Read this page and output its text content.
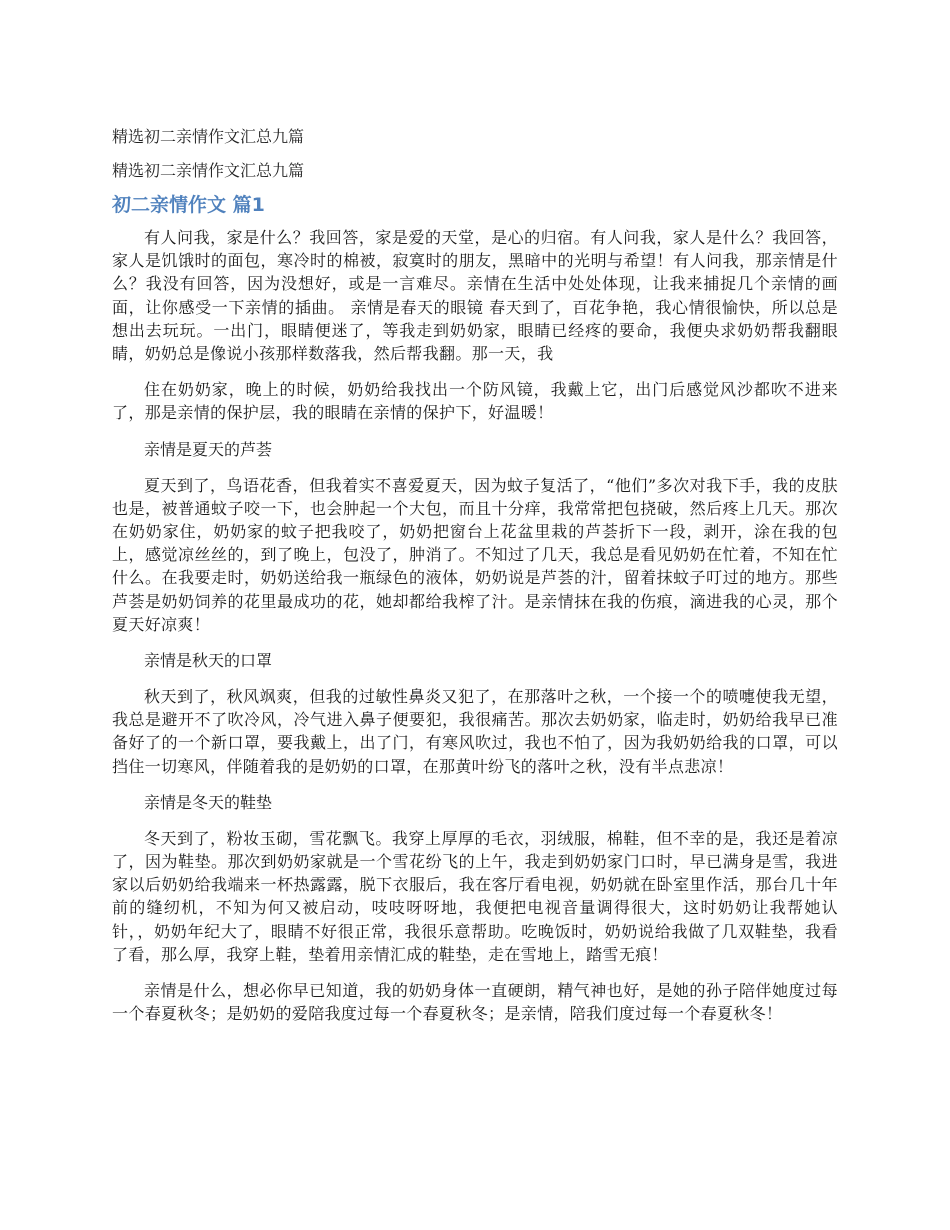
精选初二亲情作文汇总九篇
精选初二亲情作文汇总九篇
初二亲情作文 篇1

有人问我，家是什么？我回答，家是爱的天堂，是心的归宿。有人问我，家人是什么？我回答，家人是饥饿时的面包，寒冷时的棉被，寂寞时的朋友，黑暗中的光明与希望！有人问我，那亲情是什么？我没有回答，因为没想好，或是一言难尽。亲情在生活中处处体现，让我来捕捉几个亲情的画面，让你感受一下亲情的插曲。 亲情是春天的眼镜 春天到了，百花争艳，我心情很愉快，所以总是想出去玩玩。一出门，眼睛便迷了，等我走到奶奶家，眼睛已经疼的要命，我便央求奶奶帮我翻眼睛，奶奶总是像说小孩那样数落我，然后帮我翻。那一天，我

住在奶奶家，晚上的时候，奶奶给我找出一个防风镜，我戴上它，出门后感觉风沙都吹不进来了，那是亲情的保护层，我的眼睛在亲情的保护下，好温暖！

亲情是夏天的芦荟

夏天到了，鸟语花香，但我着实不喜爱夏天，因为蚊子复活了，“他们”多次对我下手，我的皮肤也是，被普通蚊子咬一下，也会肿起一个大包，而且十分痒，我常常把包挠破，然后疼上几天。那次在奶奶家住，奶奶家的蚊子把我咬了，奶奶把窗台上花盆里栽的芦荟折下一段，剥开，涂在我的包上，感觉凉丝丝的，到了晚上，包没了，肿消了。不知过了几天，我总是看见奶奶在忙着，不知在忙什么。在我要走时，奶奶送给我一瓶绿色的液体，奶奶说是芦荟的汁，留着抹蚊子叮过的地方。那些芦荟是奶奶饲养的花里最成功的花，她却都给我榨了汁。是亲情抹在我的伤痕，滴进我的心灵，那个夏天好凉爽！

亲情是秋天的口罩

秋天到了，秋风飒爽，但我的过敏性鼻炎又犯了，在那落叶之秋，一个接一个的喷嚏使我无望，我总是避开不了吹冷风，冷气进入鼻子便要犯，我很痛苦。那次去奶奶家，临走时，奶奶给我早已准备好了的一个新口罩，要我戴上，出了门，有寒风吹过，我也不怕了，因为我奶奶给我的口罩，可以挡住一切寒风，伴随着我的是奶奶的口罩，在那黄叶纷飞的落叶之秋，没有半点悲凉！

亲情是冬天的鞋垫

冬天到了，粉妆玉砌，雪花飘飞。我穿上厚厚的毛衣，羽绒服，棉鞋，但不幸的是，我还是着凉了，因为鞋垫。那次到奶奶家就是一个雪花纷飞的上午，我走到奶奶家门口时，早已满身是雪，我进家以后奶奶给我端来一杯热露露，脱下衣服后，我在客厅看电视，奶奶就在卧室里作活，那台几十年前的缝纫机，不知为何又被启动，吱吱呀呀地，我便把电视音量调得很大，这时奶奶让我帮她认针，，奶奶年纪大了，眼睛不好很正常，我很乐意帮助。吃晚饭时，奶奶说给我做了几双鞋垫，我看了看，那么厚，我穿上鞋，垫着用亲情汇成的鞋垫，走在雪地上，踏雪无痕！

亲情是什么，想必你早已知道，我的奶奶身体一直硬朗，精气神也好，是她的孙子陪伴她度过每一个春夏秋冬；是奶奶的爱陪我度过每一个春夏秋冬；是亲情，陪我们度过每一个春夏秋冬！
